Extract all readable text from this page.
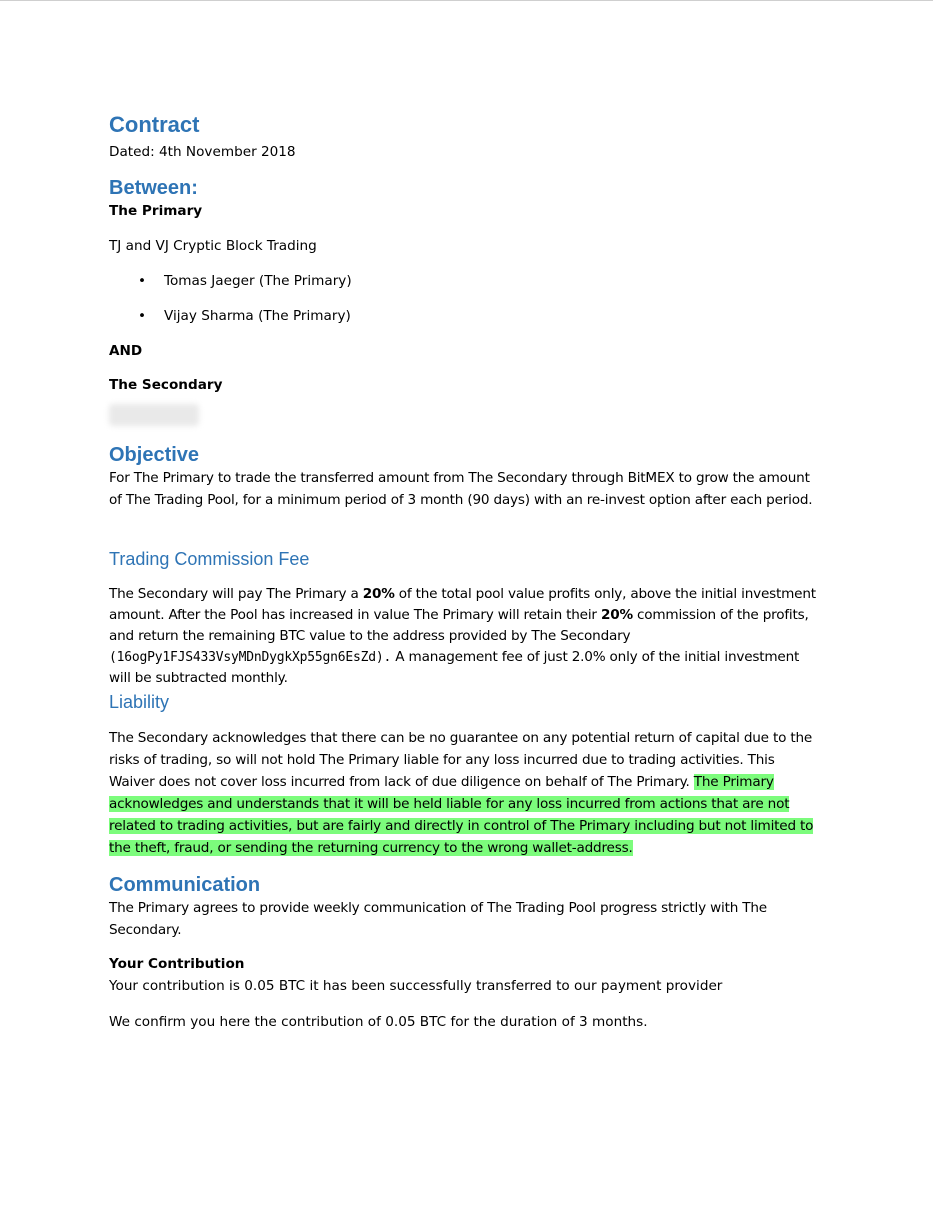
Contract
Dated: 4th November 2018
Between:
The Primary
TJ and VJ Cryptic Block Trading
• Tomas Jaeger (The Primary)
• Vijay Sharma (The Primary)
AND
The Secondary
Objective
For The Primary to trade the transferred amount from The Secondary through BitMEX to grow the amount of The Trading Pool, for a minimum period of 3 month (90 days) with an re-invest option after each period.
Trading Commission Fee
The Secondary will pay The Primary a 20% of the total pool value profits only, above the initial investment amount. After the Pool has increased in value The Primary will retain their 20% commission of the profits, and return the remaining BTC value to the address provided by The Secondary (16ogPy1FJS433VsyMDnDygkXp55gn6EsZd). A management fee of just 2.0% only of the initial investment will be subtracted monthly.
Liability
The Secondary acknowledges that there can be no guarantee on any potential return of capital due to the risks of trading, so will not hold The Primary liable for any loss incurred due to trading activities. This Waiver does not cover loss incurred from lack of due diligence on behalf of The Primary. The Primary acknowledges and understands that it will be held liable for any loss incurred from actions that are not related to trading activities, but are fairly and directly in control of The Primary including but not limited to the theft, fraud, or sending the returning currency to the wrong wallet-address.
Communication
The Primary agrees to provide weekly communication of The Trading Pool progress strictly with The Secondary.
Your Contribution
Your contribution is 0.05 BTC it has been successfully transferred to our payment provider
We confirm you here the contribution of 0.05 BTC for the duration of 3 months.
